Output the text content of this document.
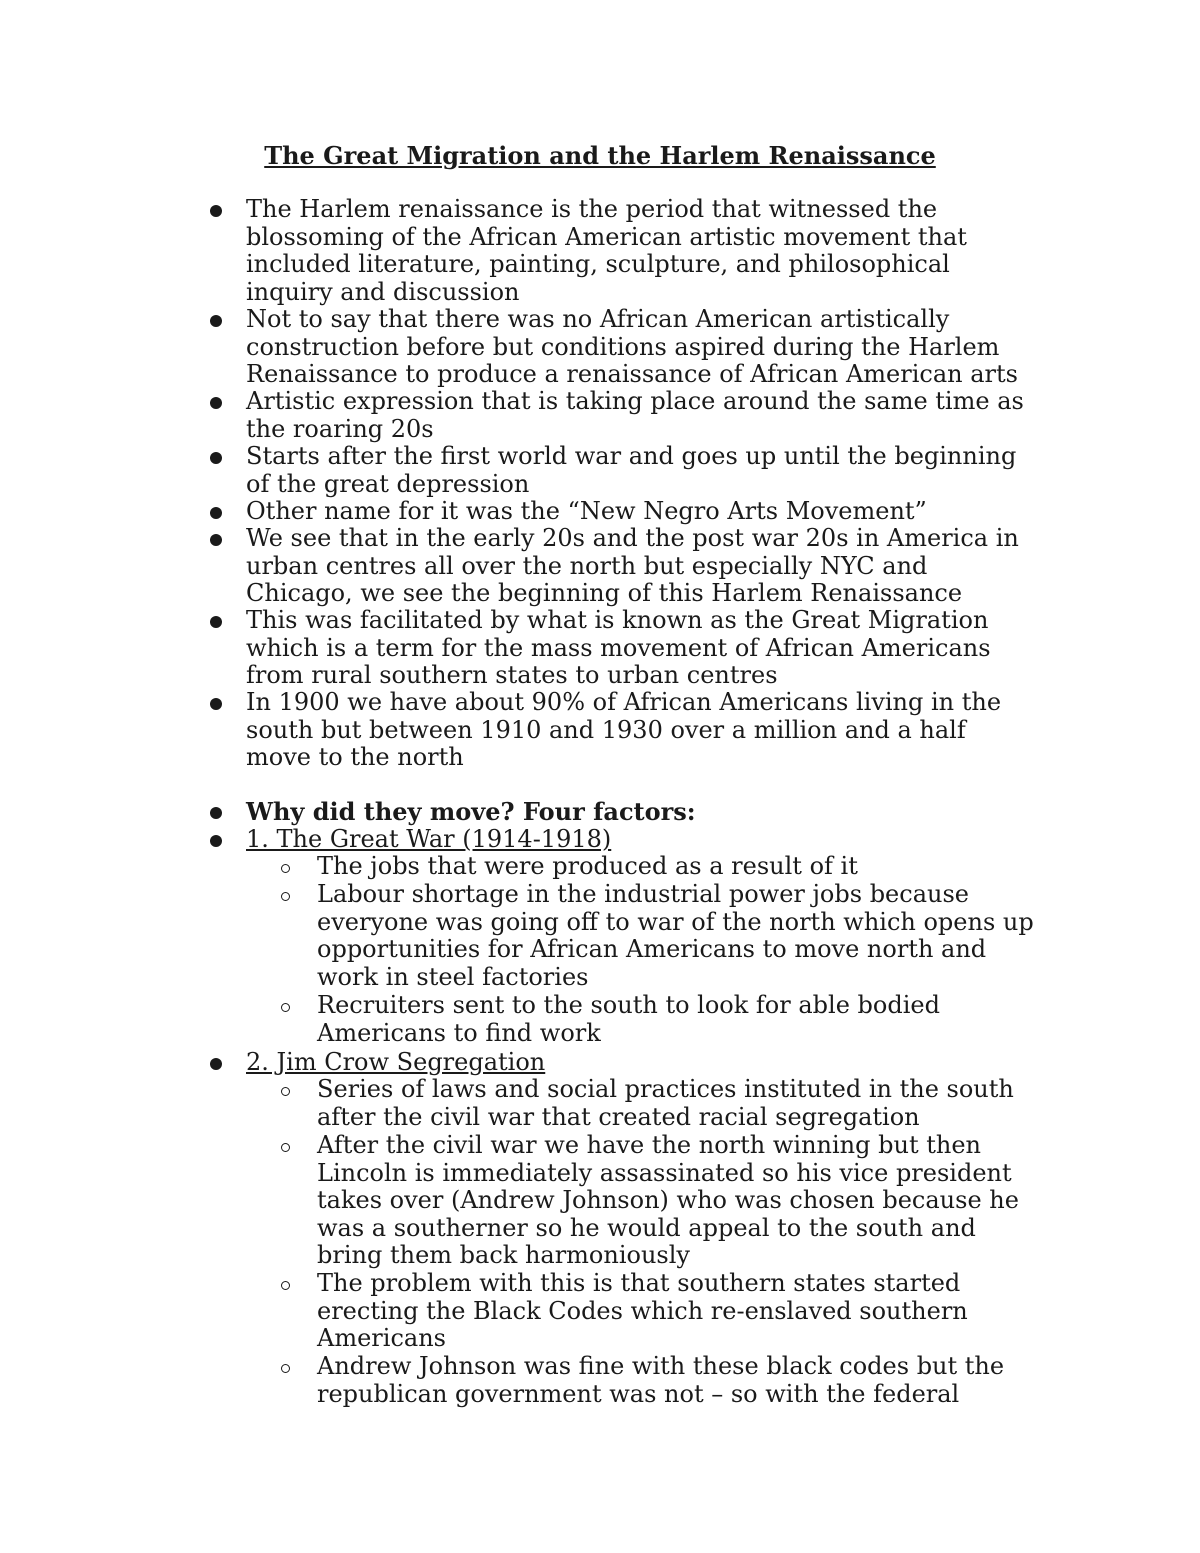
The Great Migration and the Harlem Renaissance
The Harlem renaissance is the period that witnessed the
blossoming of the African American artistic movement that
included literature, painting, sculpture, and philosophical
inquiry and discussion
Not to say that there was no African American artistically
construction before but conditions aspired during the Harlem
Renaissance to produce a renaissance of African American arts
Artistic expression that is taking place around the same time as
the roaring 20s
Starts after the first world war and goes up until the beginning
of the great depression
Other name for it was the “New Negro Arts Movement”
We see that in the early 20s and the post war 20s in America in
urban centres all over the north but especially NYC and
Chicago, we see the beginning of this Harlem Renaissance
This was facilitated by what is known as the Great Migration
which is a term for the mass movement of African Americans
from rural southern states to urban centres
In 1900 we have about 90% of African Americans living in the
south but between 1910 and 1930 over a million and a half
move to the north
Why did they move? Four factors:
1. The Great War (1914-1918)
The jobs that were produced as a result of it
Labour shortage in the industrial power jobs because
everyone was going off to war of the north which opens up
opportunities for African Americans to move north and
work in steel factories
Recruiters sent to the south to look for able bodied
Americans to find work
2. Jim Crow Segregation
Series of laws and social practices instituted in the south
after the civil war that created racial segregation
After the civil war we have the north winning but then
Lincoln is immediately assassinated so his vice president
takes over (Andrew Johnson) who was chosen because he
was a southerner so he would appeal to the south and
bring them back harmoniously
The problem with this is that southern states started
erecting the Black Codes which re-enslaved southern
Americans
Andrew Johnson was fine with these black codes but the
republican government was not – so with the federal
